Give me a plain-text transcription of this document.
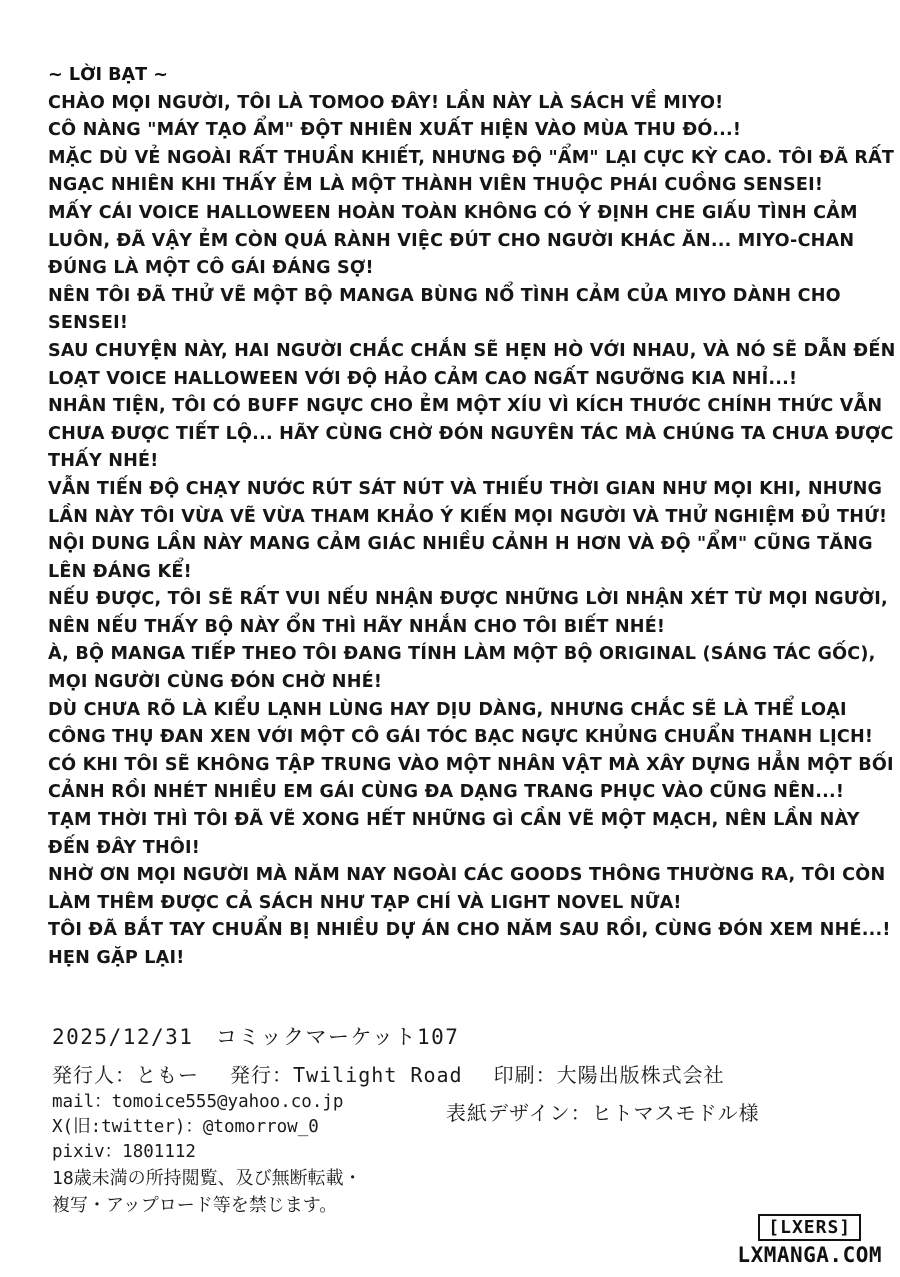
~ LỜI BẠT ~
CHÀO MỌI NGƯỜI, TÔI LÀ TOMOO ĐÂY! LẦN NÀY LÀ SÁCH VỀ MIYO!
CÔ NÀNG "MÁY TẠO ẨM" ĐỘT NHIÊN XUẤT HIỆN VÀO MÙA THU ĐÓ...!
MẶC DÙ VẺ NGOÀI RẤT THUẦN KHIẾT, NHƯNG ĐỘ "ẨM" LẠI CỰC KỲ CAO. TÔI ĐÃ RẤT
NGẠC NHIÊN KHI THẤY ẺM LÀ MỘT THÀNH VIÊN THUỘC PHÁI CUỒNG SENSEI!
MẤY CÁI VOICE HALLOWEEN HOÀN TOÀN KHÔNG CÓ Ý ĐỊNH CHE GIẤU TÌNH CẢM
LUÔN, ĐÃ VẬY ẺM CÒN QUÁ RÀNH VIỆC ĐÚT CHO NGƯỜI KHÁC ĂN... MIYO-CHAN
ĐÚNG LÀ MỘT CÔ GÁI ĐÁNG SỢ!
NÊN TÔI ĐÃ THỬ VẼ MỘT BỘ MANGA BÙNG NỔ TÌNH CẢM CỦA MIYO DÀNH CHO
SENSEI!
SAU CHUYỆN NÀY, HAI NGƯỜI CHẮC CHẮN SẼ HẸN HÒ VỚI NHAU, VÀ NÓ SẼ DẪN ĐẾN
LOẠT VOICE HALLOWEEN VỚI ĐỘ HẢO CẢM CAO NGẤT NGƯỠNG KIA NHỈ...!
NHÂN TIỆN, TÔI CÓ BUFF NGỰC CHO ẺM MỘT XÍU VÌ KÍCH THƯỚC CHÍNH THỨC VẪN
CHƯA ĐƯỢC TIẾT LỘ... HÃY CÙNG CHỜ ĐÓN NGUYÊN TÁC MÀ CHÚNG TA CHƯA ĐƯỢC
THẤY NHÉ!
VẪN TIẾN ĐỘ CHẠY NƯỚC RÚT SÁT NÚT VÀ THIẾU THỜI GIAN NHƯ MỌI KHI, NHƯNG
LẦN NÀY TÔI VỪA VẼ VỪA THAM KHẢO Ý KIẾN MỌI NGƯỜI VÀ THỬ NGHIỆM ĐỦ THỨ!
NỘI DUNG LẦN NÀY MANG CẢM GIÁC NHIỀU CẢNH H HƠN VÀ ĐỘ "ẨM" CŨNG TĂNG
LÊN ĐÁNG KỂ!
NẾU ĐƯỢC, TÔI SẼ RẤT VUI NẾU NHẬN ĐƯỢC NHỮNG LỜI NHẬN XÉT TỪ MỌI NGƯỜI,
NÊN NẾU THẤY BỘ NÀY ỔN THÌ HÃY NHẮN CHO TÔI BIẾT NHÉ!
À, BỘ MANGA TIẾP THEO TÔI ĐANG TÍNH LÀM MỘT BỘ ORIGINAL (SÁNG TÁC GỐC),
MỌI NGƯỜI CÙNG ĐÓN CHỜ NHÉ!
DÙ CHƯA RÕ LÀ KIỂU LẠNH LÙNG HAY DỊU DÀNG, NHƯNG CHẮC SẼ LÀ THỂ LOẠI
CÔNG THỤ ĐAN XEN VỚI MỘT CÔ GÁI TÓC BẠC NGỰC KHỦNG CHUẨN THANH LỊCH!
CÓ KHI TÔI SẼ KHÔNG TẬP TRUNG VÀO MỘT NHÂN VẬT MÀ XÂY DỰNG HẲN MỘT BỐI
CẢNH RỒI NHÉT NHIỀU EM GÁI CÙNG ĐA DẠNG TRANG PHỤC VÀO CŨNG NÊN...!
TẠM THỜI THÌ TÔI ĐÃ VẼ XONG HẾT NHỮNG GÌ CẦN VẼ MỘT MẠCH, NÊN LẦN NÀY
ĐẾN ĐÂY THÔI!
NHỜ ƠN MỌI NGƯỜI MÀ NĂM NAY NGOÀI CÁC GOODS THÔNG THƯỜNG RA, TÔI CÒN
LÀM THÊM ĐƯỢC CẢ SÁCH NHƯ TẠP CHÍ VÀ LIGHT NOVEL NỮA!
TÔI ĐÃ BẮT TAY CHUẨN BỊ NHIỀU DỰ ÁN CHO NĂM SAU RỒI, CÙNG ĐÓN XEM NHÉ...!
HẸN GẶP LẠI!
2025/12/31　コミックマーケット107
発行人：ともー 発行：Twilight Road 印刷：大陽出版株式会社
mail：tomoice555@yahoo.co.jp
X(旧:twitter)：@tomorrow_0
pixiv：1801112
18歳未満の所持閲覧、及び無断転載・
複写・アップロード等を禁じます。
表紙デザイン：ヒトマスモドル様
[LXERS]
LXMANGA.COM
